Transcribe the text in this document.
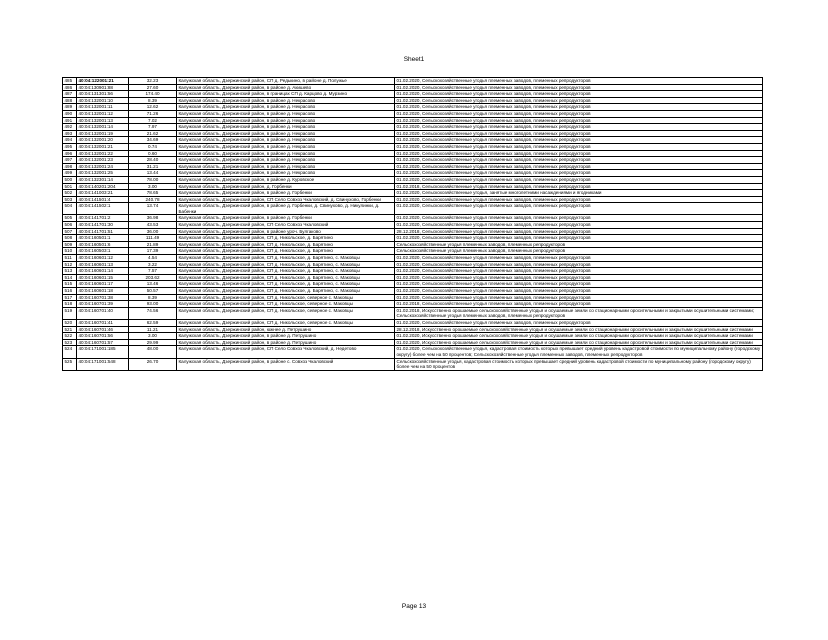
Sheet1
485	40:04:122001:21	32.23	Калужская область, Дзержинский район, СП д. Редькино, в районе д. Полужье	01.02.2020, Сельскохозяйственные угодья племенных заводов, племенных репродукторов
486	40:04:130901:88	27.60	Калужская область, Дзержинский район, в районе д. Акишево	01.02.2020, Сельскохозяйственные угодья племенных заводов, племенных репродукторов
487	40:04:131301:56	174.40	Калужская область, Дзержинский район, в границах СП д. Карцово д. Мурзино	01.02.2020, Сельскохозяйственные угодья племенных заводов, племенных репродукторов
488	40:04:132001:10	8.39	Калужская область, Дзержинский район, в районе д. Некрасово	01.02.2020, Сельскохозяйственные угодья племенных заводов, племенных репродукторов
489	40:04:132001:11	12.62	Калужская область, Дзержинский район, в районе д. Некрасово	01.02.2020, Сельскохозяйственные угодья племенных заводов, племенных репродукторов
490	40:04:132001:12	71.26	Калужская область, Дзержинский район, в районе д. Некрасово	01.02.2020, Сельскохозяйственные угодья племенных заводов, племенных репродукторов
491	40:04:132001:13	7.02	Калужская область, Дзержинский район, в районе д. Некрасово	01.02.2020, Сельскохозяйственные угодья племенных заводов, племенных репродукторов
492	40:04:132001:14	7.97	Калужская область, Дзержинский район, в районе д. Некрасово	01.02.2020, Сельскохозяйственные угодья племенных заводов, племенных репродукторов
493	40:04:132001:19	21.62	Калужская область, Дзержинский район, в районе д. Некрасово	01.02.2020, Сельскохозяйственные угодья племенных заводов, племенных репродукторов
494	40:04:132001:20	34.69	Калужская область, Дзержинский район, в районе д. Некрасово	01.02.2020, Сельскохозяйственные угодья племенных заводов, племенных репродукторов
495	40:04:132001:21	0.74	Калужская область, Дзержинский район, в районе д. Некрасово	01.02.2020, Сельскохозяйственные угодья племенных заводов, племенных репродукторов
496	40:04:132001:22	0.60	Калужская область, Дзержинский район, в районе д. Некрасово	01.02.2020, Сельскохозяйственные угодья племенных заводов, племенных репродукторов
497	40:04:132001:23	28.40	Калужская область, Дзержинский район, в районе д. Некрасово	01.02.2020, Сельскохозяйственные угодья племенных заводов, племенных репродукторов
498	40:04:132001:24	31.21	Калужская область, Дзержинский район, в районе д. Некрасово	01.02.2020, Сельскохозяйственные угодья племенных заводов, племенных репродукторов
499	40:04:132001:25	13.44	Калужская область, Дзержинский район, в районе д. Некрасово	01.02.2020, Сельскохозяйственные угодья племенных заводов, племенных репродукторов
500	40:04:132301:14	78.00	Калужская область, Дзержинский район, в районе д. Куровское	01.02.2020, Сельскохозяйственные угодья племенных заводов, племенных репродукторов
501	40:04:140201:204	3.00	Калужская область, Дзержинский район, д. Горбенки	01.02.2018, Сельскохозяйственные угодья племенных заводов, племенных репродукторов
502	40:04:141003:21	78.65	Калужская область, Дзержинский район, в районе д. Горбенки	01.02.2020, Сельскохозяйственные угодья, занятые многолетними насаждениями и ягодниками
503	40:04:141501:4	240.78	Калужская область, Дзержинский район, СП Село Совхоз Чкаловский, д. Свинухово, Горбенки	01.02.2020, Сельскохозяйственные угодья племенных заводов, племенных репродукторов
504	40:04:141502:1	13.74	Калужская область, Дзержинский район, в районе д. Горбенки, д. Свинухово, д. Никулинки, д. Бабенки	01.02.2020, Сельскохозяйственные угодья племенных заводов, племенных репродукторов
505	40:04:141701:2	36.98	Калужская область, Дзержинский район, в районе д. Горбенки	01.02.2020, Сельскохозяйственные угодья племенных заводов, племенных репродукторов
506	40:04:141701:30	43.53	Калужская область, Дзержинский район, СП Село Совхоз Чкаловский	01.02.2020, Сельскохозяйственные угодья племенных заводов, племенных репродукторов
507	40:04:141701:51	36.00	Калужская область, Дзержинский район, в районе урoч. Булгаково	28.12.2018, Сельскохозяйственные угодья племенных заводов, племенных репродукторов
508	40:04:160501:1	111.49	Калужская область, Дзержинский район, СП д. Никольское, д. Барятино	01.02.2020, Сельскохозяйственные угодья племенных заводов, племенных репродукторов
509	40:04:160501:6	21.89	Калужская область, Дзержинский район, СП д. Никольское, д. Барятино	Сельскохозяйственные угодья племенных заводов, племенных репродукторов
510	40:04:160503:1	17.39	Калужская область, Дзержинский район, СП д. Никольское, д. Барятино	Сельскохозяйственные угодья племенных заводов, племенных репродукторов
511	40:04:160601:12	4.54	Калужская область, Дзержинский район, СП д. Никольское, д. Барятино, с. Маковцы	01.02.2020, Сельскохозяйственные угодья племенных заводов, племенных репродукторов
512	40:04:160601:13	3.22	Калужская область, Дзержинский район, СП д. Никольское, д. Барятино, с. Маковцы	01.02.2020, Сельскохозяйственные угодья племенных заводов, племенных репродукторов
513	40:04:160601:14	7.57	Калужская область, Дзержинский район, СП д. Никольское, д. Барятино, с. Маковцы	01.02.2020, Сельскохозяйственные угодья племенных заводов, племенных репродукторов
514	40:04:160601:15	203.62	Калужская область, Дзержинский район, СП д. Никольское, д. Барятино, с. Маковцы	01.02.2020, Сельскохозяйственные угодья племенных заводов, племенных репродукторов
515	40:04:160601:17	13.46	Калужская область, Дзержинский район, СП д. Никольское, д. Барятино, с. Маковцы	01.02.2020, Сельскохозяйственные угодья племенных заводов, племенных репродукторов
516	40:04:160601:18	50.57	Калужская область, Дзержинский район, СП д. Никольское, д. Барятино, с. Маковцы	01.02.2020, Сельскохозяйственные угодья племенных заводов, племенных репродукторов
517	40:04:160701:38	8.39	Калужская область, Дзержинский район, СП д. Никольское, северное с. Маковцы	01.02.2020, Сельскохозяйственные угодья племенных заводов, племенных репродукторов
518	40:04:160701:39	93.00	Калужская область, Дзержинский район, СП д. Никольское, северное с. Маковцы	01.02.2018, Сельскохозяйственные угодья племенных заводов, племенных репродукторов
519	40:04:160701:40	74.56	Калужская область, Дзержинский район, СП д. Никольское, северное с. Маковцы	01.02.2018, Искусственно орошаемые сельскохозяйственные угодья и осушаемые земли со стационарными оросительными и закрытыми осушительными системами; Сельскохозяйственные угодья племенных заводов, племенных репродукторов
520	40:04:160701:41	62.59	Калужская область, Дзержинский район, СП д. Никольское, северное с. Маковцы	01.02.2020, Сельскохозяйственные угодья племенных заводов, племенных репродукторов
521	40:04:160701:46	11.21	Калужская область, Дзержинский район, южнее д. Петрушино	28.12.2018, Искусственно орошаемые сельскохозяйственные угодья и осушаемые земли со стационарными оросительными и закрытыми осушительными системами
522	40:04:160701:56	3.00	Калужская область, Дзержинский район, в районе д. Петрушино	01.02.2020, Искусственно орошаемые сельскохозяйственные угодья и осушаемые земли со стационарными оросительными и закрытыми осушительными системами
523	40:04:160701:57	29.99	Калужская область, Дзержинский район, в районе д. Петрушино	01.02.2020, Искусственно орошаемые сельскохозяйственные угодья и осушаемые земли со стационарными оросительными и закрытыми осушительными системами
524	40:04:171001:185	48.00	Калужская область, Дзержинский район, СП Село Совхоз Чкаловский, д. Недетово	01.02.2020, Сельскохозяйственные угодья, кадастровая стоимость которых превышает средний уровень кадастровой стоимости по муниципальному району (городскому округу) более чем на 50 процентов; Сельскохозяйственные угодья племенных заводов, племенных репродукторов
525	40:04:171001:548	26.70	Калужская область, Дзержинский район, в районе с. Совхоз Чкаловский	Сельскохозяйственные угодья, кадастровая стоимость которых превышает средний уровень кадастровой стоимости по муниципальному району (городскому округу) более чем на 50 процентов
Page 13
